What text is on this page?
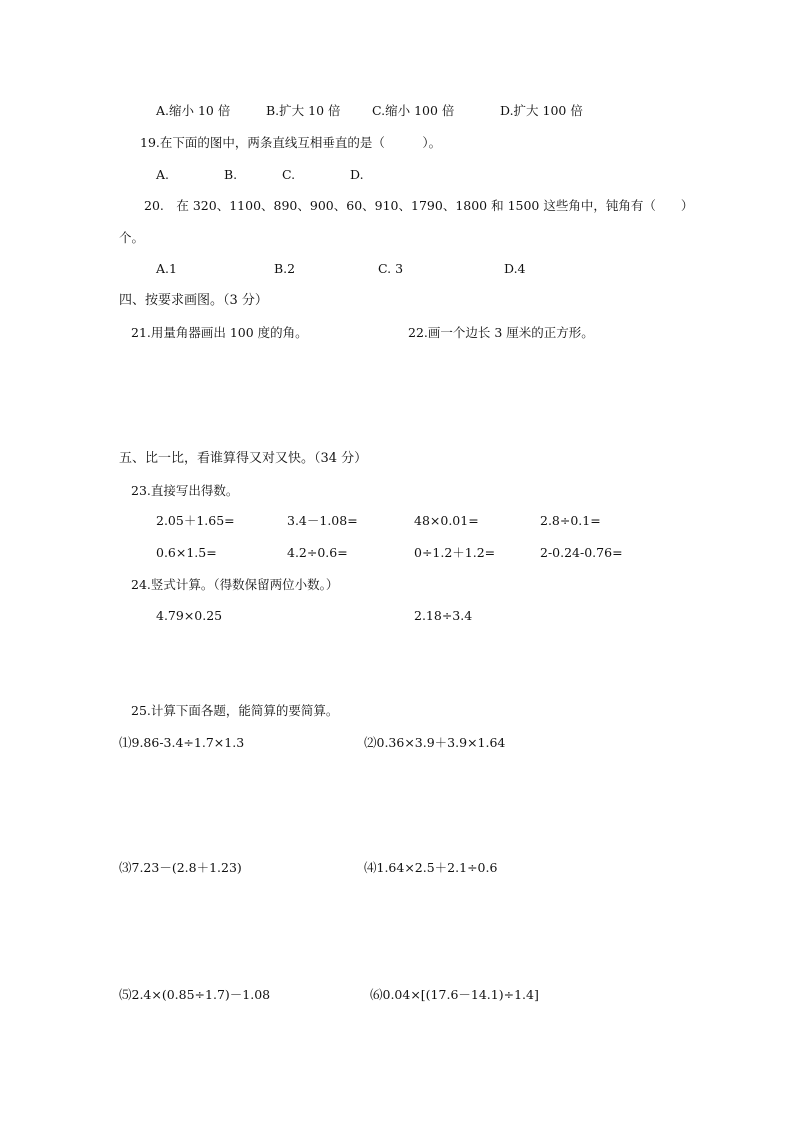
A.缩小 10 倍	B.扩大 10 倍	C.缩小 100 倍	D.扩大 100 倍
19.在下面的图中，两条直线互相垂直的是（　　　）。
A.	B.	C.	D.
20.　在 320、1100、890、900、60、910、1790、1800 和 1500 这些角中，钝角有（　　）
个。
A.1	B.2	C. 3	D.4
四、按要求画图。（3 分）
21.用量角器画出 100 度的角。	22.画一个边长 3 厘米的正方形。
五、比一比，看谁算得又对又快。（34 分）
23.直接写出得数。
2.05＋1.65=	3.4－1.08=	48×0.01=	2.8÷0.1=
0.6×1.5=	4.2÷0.6=	0÷1.2＋1.2=	2-0.24-0.76=
24.竖式计算。（得数保留两位小数。）
4.79×0.25	2.18÷3.4
25.计算下面各题，能简算的要简算。
⑴9.86-3.4÷1.7×1.3	⑵0.36×3.9＋3.9×1.64
⑶7.23－(2.8＋1.23)	⑷1.64×2.5＋2.1÷0.6
⑸2.4×(0.85÷1.7)－1.08	⑹0.04×[(17.6－14.1)÷1.4]
